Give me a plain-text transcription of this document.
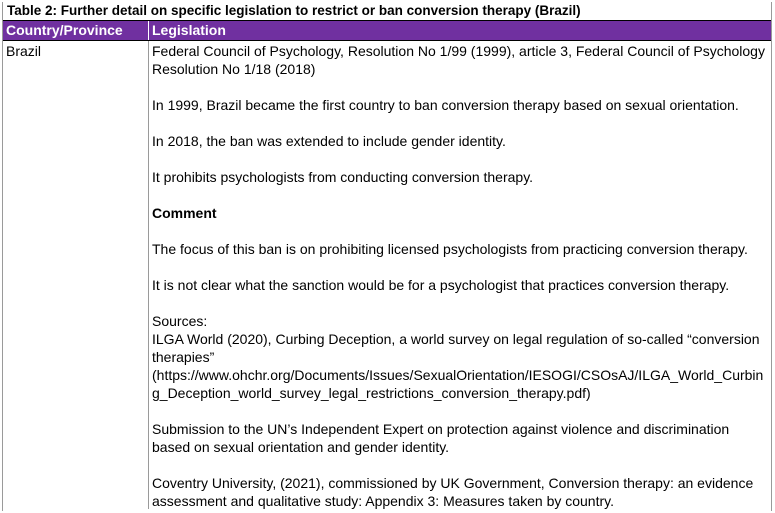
Table 2: Further detail on specific legislation to restrict or ban conversion therapy (Brazil)
Country/Province	Legislation
Brazil	Federal Council of Psychology, Resolution No 1/99 (1999), article 3, Federal Council of Psychology Resolution No 1/18 (2018)

In 1999, Brazil became the first country to ban conversion therapy based on sexual orientation.

In 2018, the ban was extended to include gender identity.

It prohibits psychologists from conducting conversion therapy.

Comment

The focus of this ban is on prohibiting licensed psychologists from practicing conversion therapy.

It is not clear what the sanction would be for a psychologist that practices conversion therapy.

Sources:

ILGA World (2020), Curbing Deception, a world survey on legal regulation of so-called “conversion therapies”

(https://www.ohchr.org/Documents/Issues/SexualOrientation/IESOGI/CSOsAJ/ILGA_World_Curbing_Deception_world_survey_legal_restrictions_conversion_therapy.pdf)

Submission to the UN’s Independent Expert on protection against violence and discrimination based on sexual orientation and gender identity.

Coventry University, (2021), commissioned by UK Government, Conversion therapy: an evidence assessment and qualitative study: Appendix 3: Measures taken by country.
